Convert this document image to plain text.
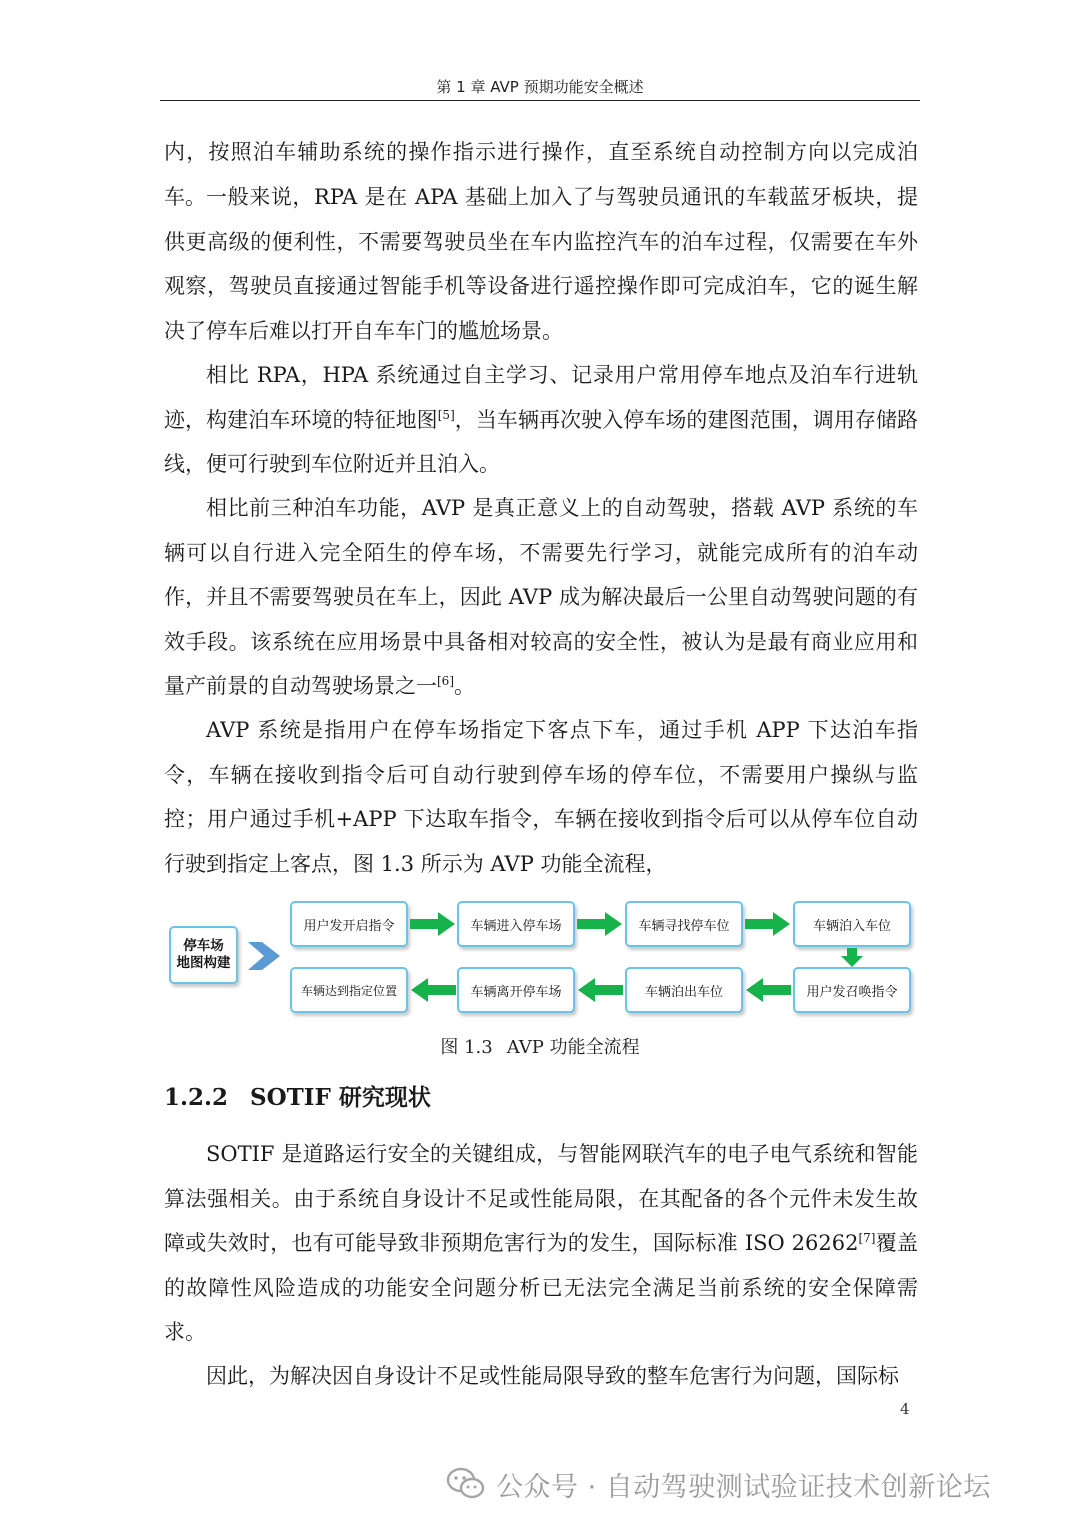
第 1 章 AVP 预期功能安全概述

内，按照泊车辅助系统的操作指示进行操作，直至系统自动控制方向以完成泊车。 一般来说，RPA 是在 APA 基础上加入了与驾驶员通讯的车载蓝牙板块，提供更高级的便利性，不需要驾驶员坐在车内监控汽车的泊车过程，仅需要在车外观察，驾驶员直接通过智能手机等设备进行遥控操作即可完成泊车，它的诞生解决了停车后难以打开自车车门的尴尬场景。

相比 RPA，HPA 系统通过自主学习、记录用户常用停车地点及泊车行进轨迹，构建泊车环境的特征地图[5]，当车辆再次驶入停车场的建图范围，调用存储路线，便可行驶到车位附近并且泊入。

相比前三种泊车功能，AVP 是真正意义上的自动驾驶，搭载 AVP 系统的车辆可以自行进入完全陌生的停车场，不需要先行学习，就能完成所有的泊车动作，并且不需要驾驶员在车上，因此 AVP 成为解决最后一公里自动驾驶问题的有效手段。该系统在应用场景中具备相对较高的安全性，被认为是最有商业应用和量产前景的自动驾驶场景之一[6]。

AVP 系统是指用户在停车场指定下客点下车，通过手机 APP 下达泊车指令，车辆在接收到指令后可自动行驶到停车场的停车位，不需要用户操纵与监控；用户通过手机+APP 下达取车指令，车辆在接收到指令后可以从停车位自动行驶到指定上客点，图 1.3 所示为 AVP 功能全流程，

停车场
地图构建
用户发开启指令	车辆进入停车场	车辆寻找停车位	车辆泊入车位
车辆达到指定位置	车辆离开停车场	车辆泊出车位	用户发召唤指令
图 1.3 AVP 功能全流程
1.2.2 SOTIF 研究现状

SOTIF 是道路运行安全的关键组成，与智能网联汽车的电子电气系统和智能算法强相关。由于系统自身设计不足或性能局限，在其配备的各个元件未发生故障或失效时，也有可能导致非预期危害行为的发生，国际标准 ISO 26262[7]覆盖的故障性风险造成的功能安全问题分析已无法完全满足当前系统的安全保障需求。

因此，为解决因自身设计不足或性能局限导致的整车危害行为问题，国际标

4
公众号 · 自动驾驶测试验证技术创新论坛
